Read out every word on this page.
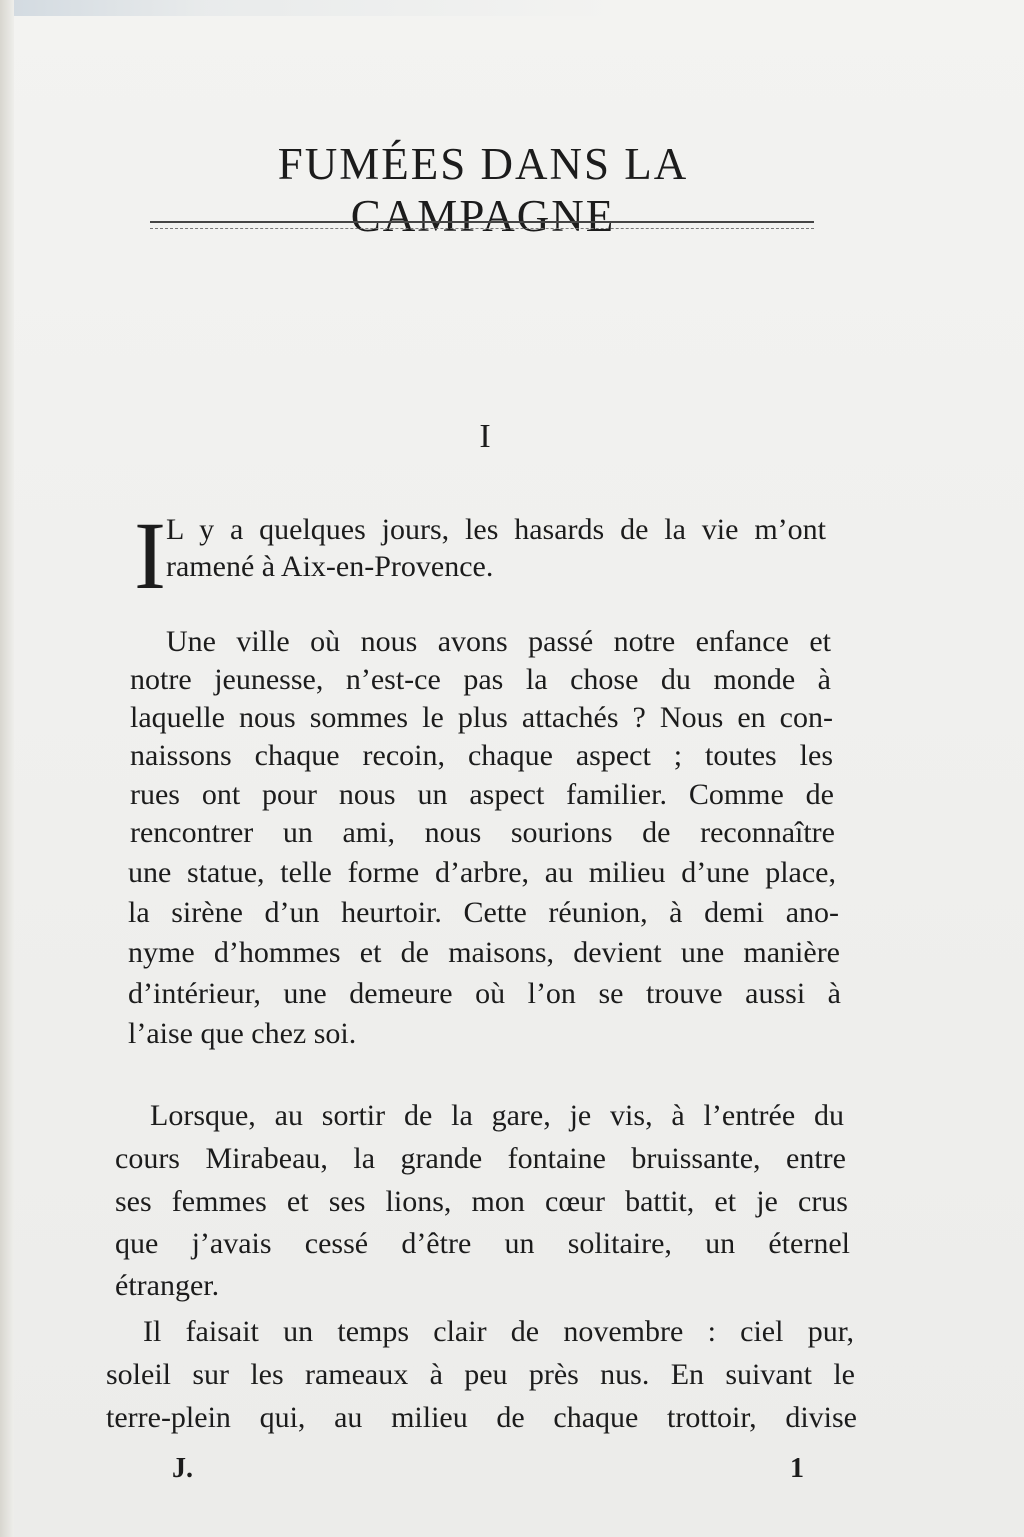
FUMÉES DANS LA CAMPAGNE
I
I L y a quelques jours, les hasards de la vie m’ont
ramené à Aix-en-Provence.
Une ville où nous avons passé notre enfance et
notre jeunesse, n’est-ce pas la chose du monde à
laquelle nous sommes le plus attachés ? Nous en con-
naissons chaque recoin, chaque aspect ; toutes les
rues ont pour nous un aspect familier. Comme de
rencontrer un ami, nous sourions de reconnaître
une statue, telle forme d’arbre, au milieu d’une place,
la sirène d’un heurtoir. Cette réunion, à demi ano-
nyme d’hommes et de maisons, devient une manière
d’intérieur, une demeure où l’on se trouve aussi à
l’aise que chez soi.
Lorsque, au sortir de la gare, je vis, à l’entrée du
cours Mirabeau, la grande fontaine bruissante, entre
ses femmes et ses lions, mon cœur battit, et je crus
que j’avais cessé d’être un solitaire, un éternel
étranger.
Il faisait un temps clair de novembre : ciel pur,
soleil sur les rameaux à peu près nus. En suivant le
terre-plein qui, au milieu de chaque trottoir, divise
J.	1
